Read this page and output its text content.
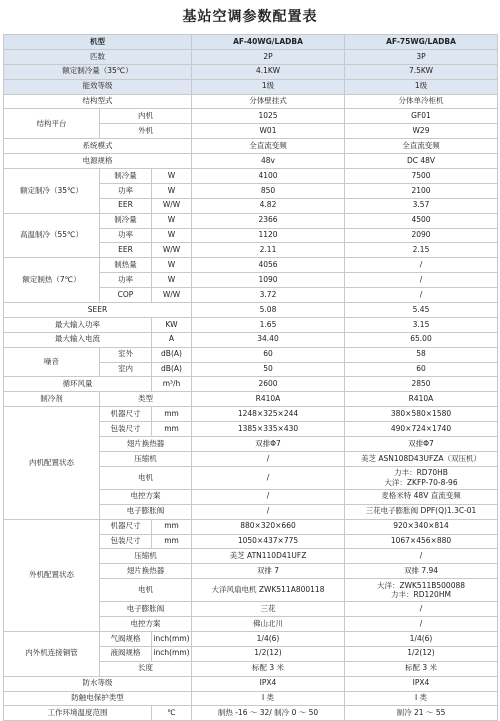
基站空调参数配置表
机型			AF-40WG/LADBA	AF-75WG/LADBA
匹数			2P	3P
额定制冷量（35℃）			4.1KW	7.5KW
能效等级			1级	1级
结构型式			分体壁挂式	分体单冷柜机
结构平台	内机		1025	GF01
	外机		W01	W29
系统模式			全直流变频	全直流变频
电源规格			48v	DC 48V
额定制冷（35℃）	制冷量	W	4100	7500
	功率	W	850	2100
	EER	W/W	4.82	3.57
高温制冷（55℃）	制冷量	W	2366	4500
	功率	W	1120	2090
	EER	W/W	2.11	2.15
额定制热（7℃）	制热量	W	4056	/
	功率	W	1090	/
	COP	W/W	3.72	/
SEER			5.08	5.45
最大输入功率		KW	1.65	3.15
最大输入电流		A	34.40	65.00
噪音	室外	dB(A)	60	58
	室内	dB(A)	50	60
循环风量		m³/h	2600	2850
制冷剂	类型		R410A	R410A
内机配置状态	机器尺寸	mm	1248×325×244	380×580×1580
	包装尺寸	mm	1385×335×430	490×724×1740
	翅片换热器		双排Φ7	双排Φ7
	压缩机		/	美芝 ASN108D43UFZA（双压机）
	电机		/	力丰：RD70HB
大洋：ZKFP-70-8-96

	电控方案		/	麦格米特 48V 直流变频
	电子膨胀阀		/	三花电子膨胀阀 DPF(Q)1.3C-01
外机配置状态	机器尺寸	mm	880×320×660	920×340×814
	包装尺寸	mm	1050×437×775	1067×456×880
	压缩机		美芝 ATN110D41UFZ	/
	翅片换热器		双排 7	双排 7.94
	电机		大洋风扇电机 ZWK511A800118	大洋：ZWK511B500088
力丰：RD120HM

	电子膨胀阀		三花	/
	电控方案		佛山北川	/
内外机连接铜管	气阀规格	inch(mm)	1/4(6)	1/4(6)
	液阀规格	inch(mm)	1/2(12)	1/2(12)
	长度		标配 3 米	标配 3 米
防水等级			IPX4	IPX4
防触电保护类型			I 类	I 类
工作环境温度范围		℃	制热 -16 ～ 32/ 制冷 0 ～ 50	制冷 21 ～ 55
